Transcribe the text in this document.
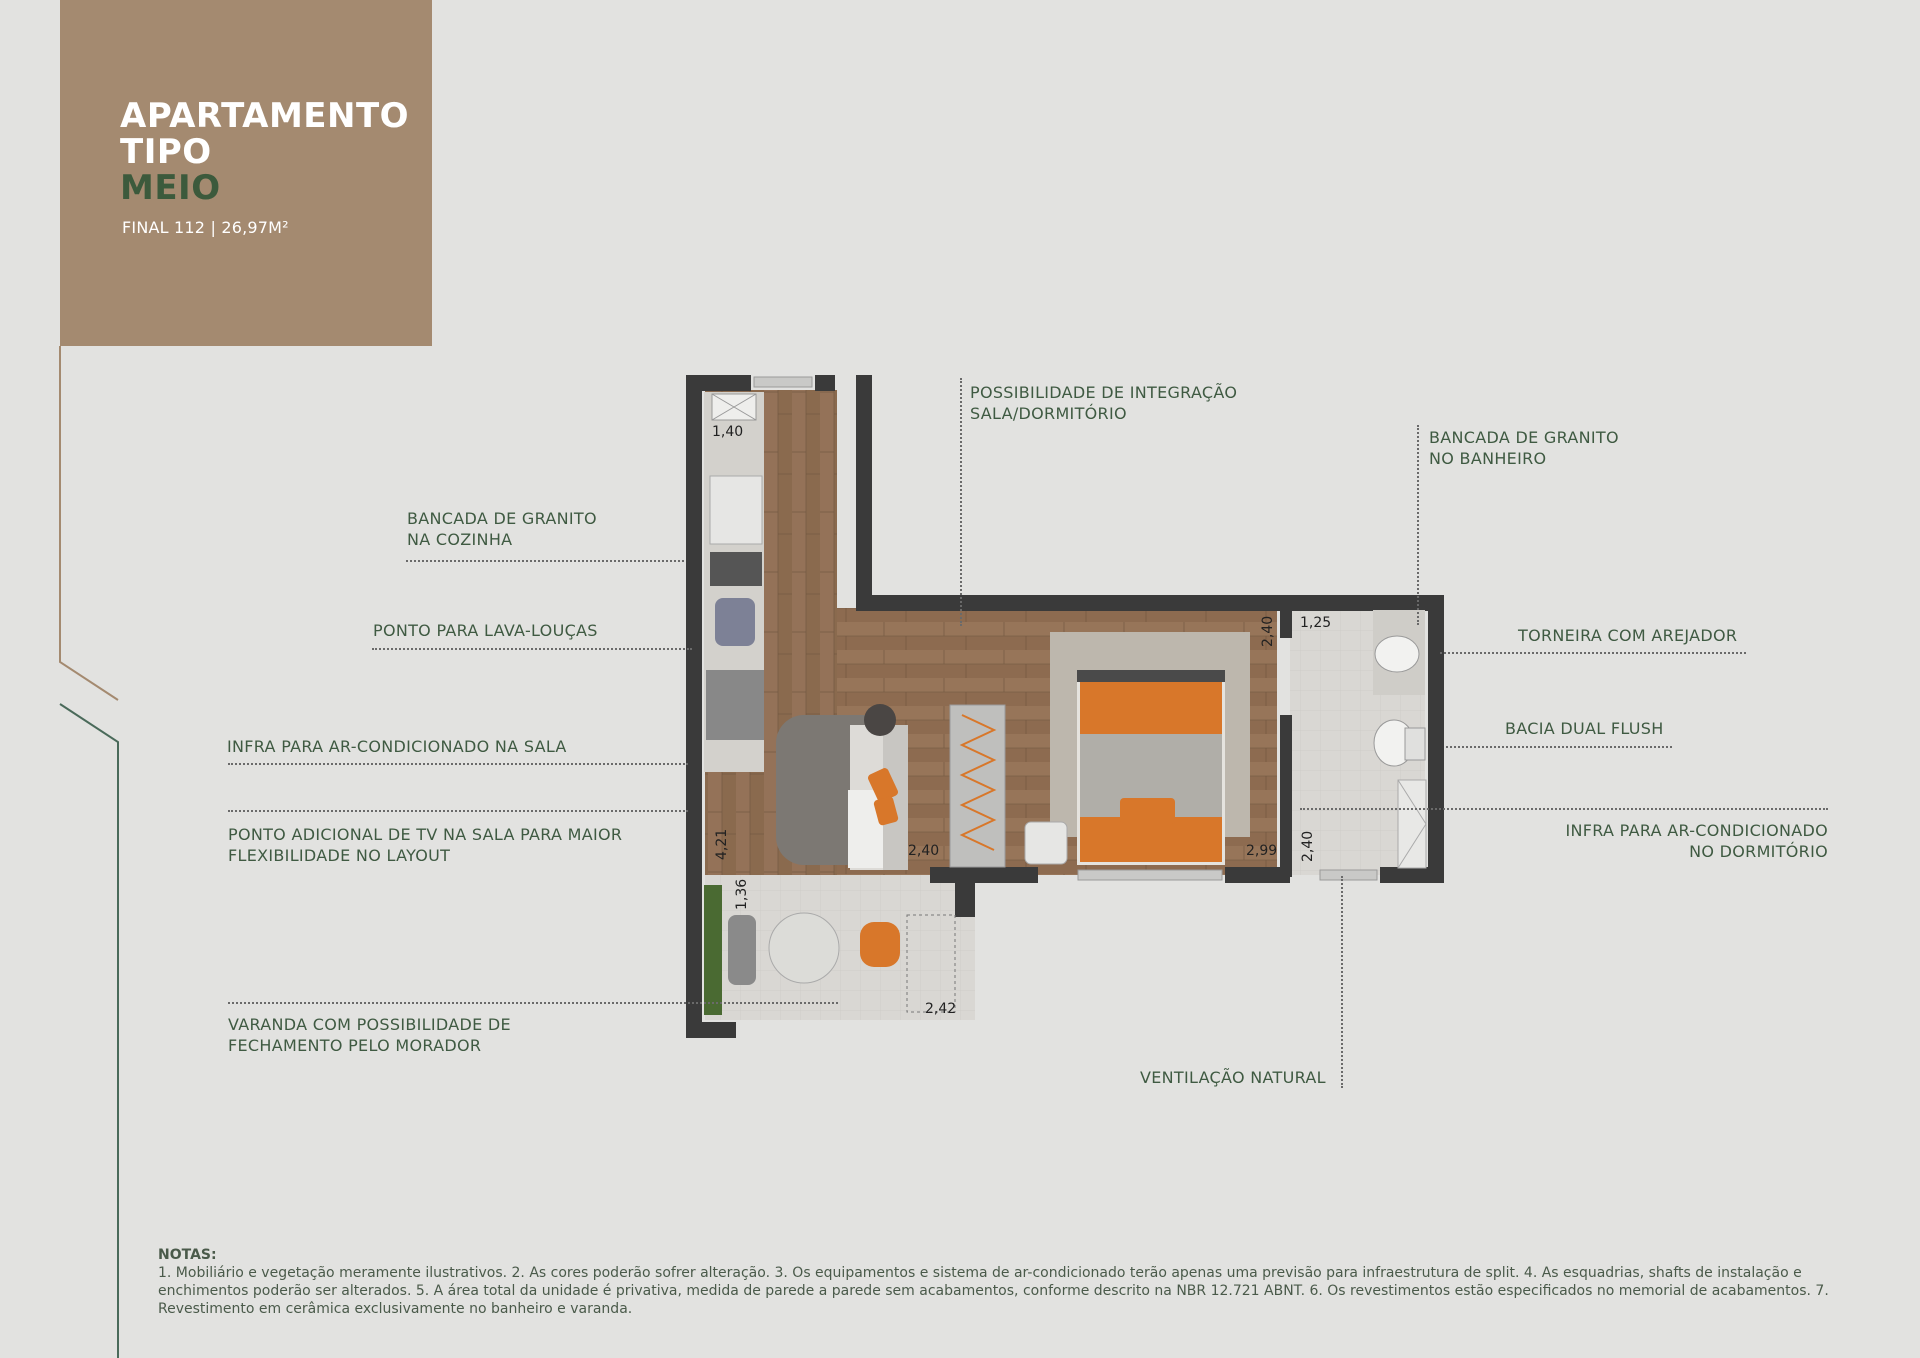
APARTAMENTO
TIPO
MEIO
FINAL 112 | 26,97M²
1,40
4,21	2,40
2,40
2,99
1,25
2,40
1,36
2,42

POSSIBILIDADE DE INTEGRAÇÃO
SALA/DORMITÓRIO

BANCADA DE GRANITO
NO BANHEIRO

BANCADA DE GRANITO
NA COZINHA

PONTO PARA LAVA-LOUÇAS	TORNEIRA COM AREJADOR

BACIA DUAL FLUSH

INFRA PARA AR-CONDICIONADO NA SALA

PONTO ADICIONAL DE TV NA SALA PARA MAIOR
FLEXIBILIDADE NO LAYOUT

INFRA PARA AR-CONDICIONADO
NO DORMITÓRIO

VARANDA COM POSSIBILIDADE DE
FECHAMENTO PELO MORADOR

VENTILAÇÃO NATURAL

NOTAS:
1. Mobiliário e vegetação meramente ilustrativos. 2. As cores poderão sofrer alteração. 3. Os equipamentos e sistema de ar-condicionado terão apenas uma previsão para infraestrutura de split. 4. As esquadrias, shafts de instalação e enchimentos poderão ser alterados. 5. A área total da unidade é privativa, medida de parede a parede sem acabamentos, conforme descrito na NBR 12.721 ABNT. 6. Os revestimentos estão especificados no memorial de acabamentos. 7. Revestimento em cerâmica exclusivamente no banheiro e varanda.
